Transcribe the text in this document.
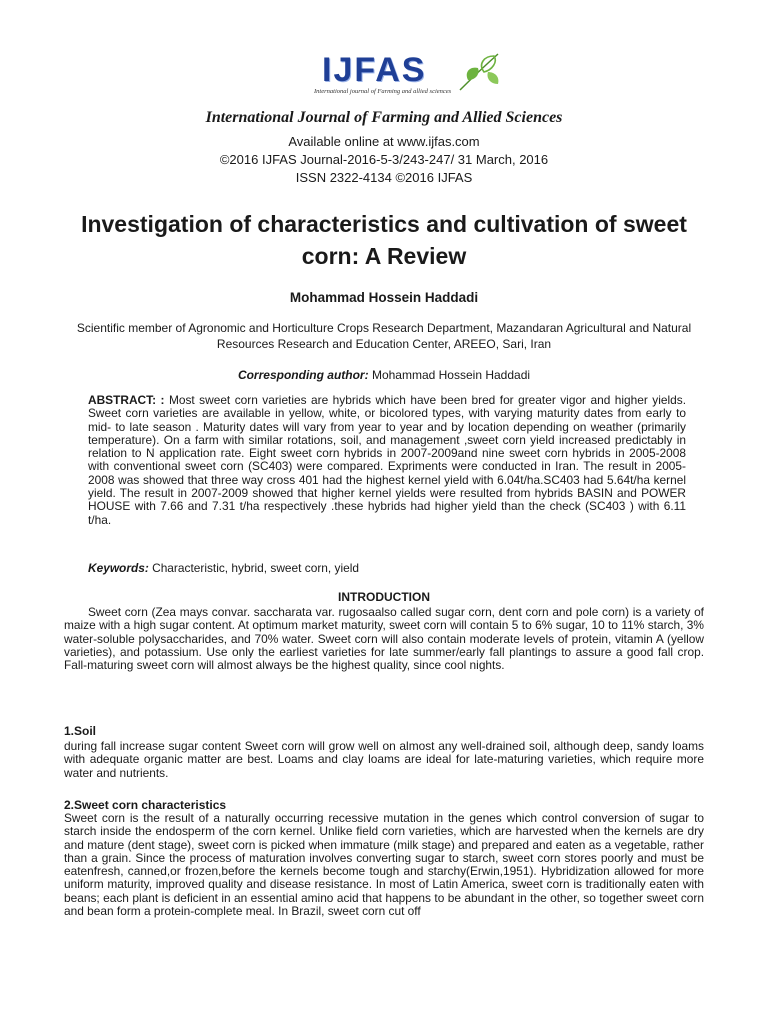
IJFAS
International journal of Farming and allied sciences
International Journal of Farming and Allied Sciences
Available online at www.ijfas.com
©2016 IJFAS Journal-2016-5-3/243-247/ 31 March, 2016
ISSN 2322-4134 ©2016 IJFAS
Investigation of characteristics and cultivation of sweet corn: A Review
Mohammad Hossein Haddadi
Scientific member of Agronomic and Horticulture Crops Research Department, Mazandaran Agricultural and Natural Resources Research and Education Center, AREEO, Sari, Iran
Corresponding author: Mohammad Hossein Haddadi
ABSTRACT: : Most sweet corn varieties are hybrids which have been bred for greater vigor and higher yields. Sweet corn varieties are available in yellow, white, or bicolored types, with varying maturity dates from early to mid- to late season . Maturity dates will vary from year to year and by location depending on weather (primarily temperature). On a farm with similar rotations, soil, and management ,sweet corn yield increased predictably in relation to N application rate. Eight sweet corn hybrids in 2007-2009and nine sweet corn hybrids in 2005-2008 with conventional sweet corn (SC403) were compared. Expriments were conducted in Iran. The result in 2005-2008 was showed that three way cross 401 had the highest kernel yield with 6.04t/ha.SC403 had 5.64t/ha kernel yield. The result in 2007-2009 showed that higher kernel yields were resulted from hybrids BASIN and POWER HOUSE with 7.66 and 7.31 t/ha respectively .these hybrids had higher yield than the check (SC403 ) with 6.11 t/ha.
Keywords: Characteristic, hybrid, sweet corn, yield
INTRODUCTION
Sweet corn (Zea mays convar. saccharata var. rugosaalso called sugar corn, dent corn and pole corn) is a variety of maize with a high sugar content. At optimum market maturity, sweet corn will contain 5 to 6% sugar, 10 to 11% starch, 3% water-soluble polysaccharides, and 70% water. Sweet corn will also contain moderate levels of protein, vitamin A (yellow varieties), and potassium. Use only the earliest varieties for late summer/early fall plantings to assure a good fall crop. Fall-maturing sweet corn will almost always be the highest quality, since cool nights.
1.Soil
during fall increase sugar content Sweet corn will grow well on almost any well-drained soil, although deep, sandy loams with adequate organic matter are best. Loams and clay loams are ideal for late-maturing varieties, which require more water and nutrients.
2.Sweet corn characteristics
Sweet corn is the result of a naturally occurring recessive mutation in the genes which control conversion of sugar to starch inside the endosperm of the corn kernel. Unlike field corn varieties, which are harvested when the kernels are dry and mature (dent stage), sweet corn is picked when immature (milk stage) and prepared and eaten as a vegetable, rather than a grain. Since the process of maturation involves converting sugar to starch, sweet corn stores poorly and must be eatenfresh, canned,or frozen,before the kernels become tough and starchy(Erwin,1951). Hybridization allowed for more uniform maturity, improved quality and disease resistance. In most of Latin America, sweet corn is traditionally eaten with beans; each plant is deficient in an essential amino acid that happens to be abundant in the other, so together sweet corn and bean form a protein-complete meal. In Brazil, sweet corn cut off
